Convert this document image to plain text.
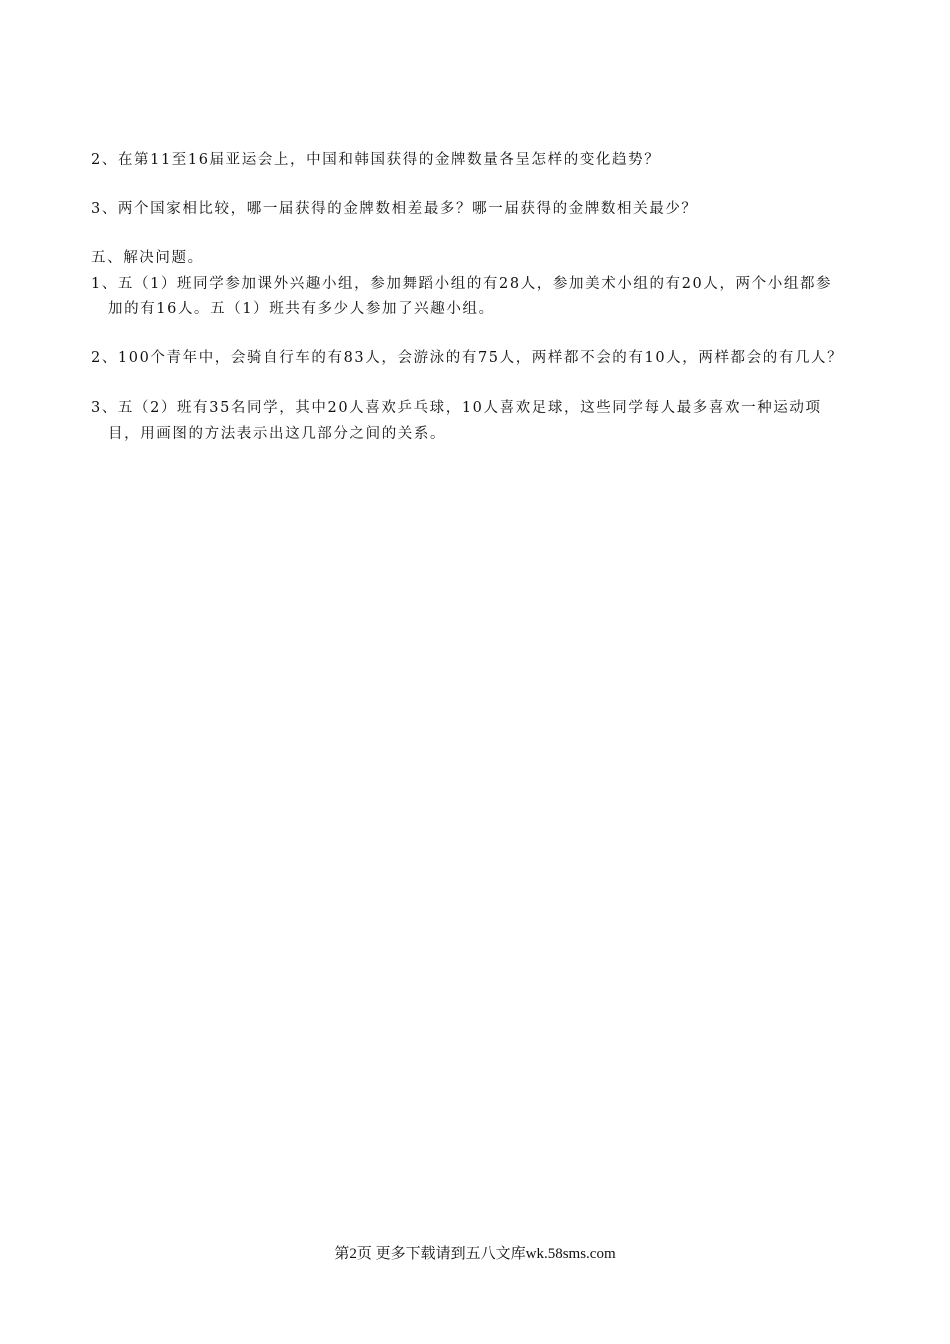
2、在第11至16届亚运会上，中国和韩国获得的金牌数量各呈怎样的变化趋势？
3、两个国家相比较，哪一届获得的金牌数相差最多？哪一届获得的金牌数相关最少？
五、解决问题。
1、五（1）班同学参加课外兴趣小组，参加舞蹈小组的有28人，参加美术小组的有20人，两个小组都参
加的有16人。五（1）班共有多少人参加了兴趣小组。
2、100个青年中，会骑自行车的有83人，会游泳的有75人，两样都不会的有10人，两样都会的有几人？
3、五（2）班有35名同学，其中20人喜欢乒乓球，10人喜欢足球，这些同学每人最多喜欢一种运动项
目，用画图的方法表示出这几部分之间的关系。
第2页 更多下载请到五八文库wk.58sms.com
